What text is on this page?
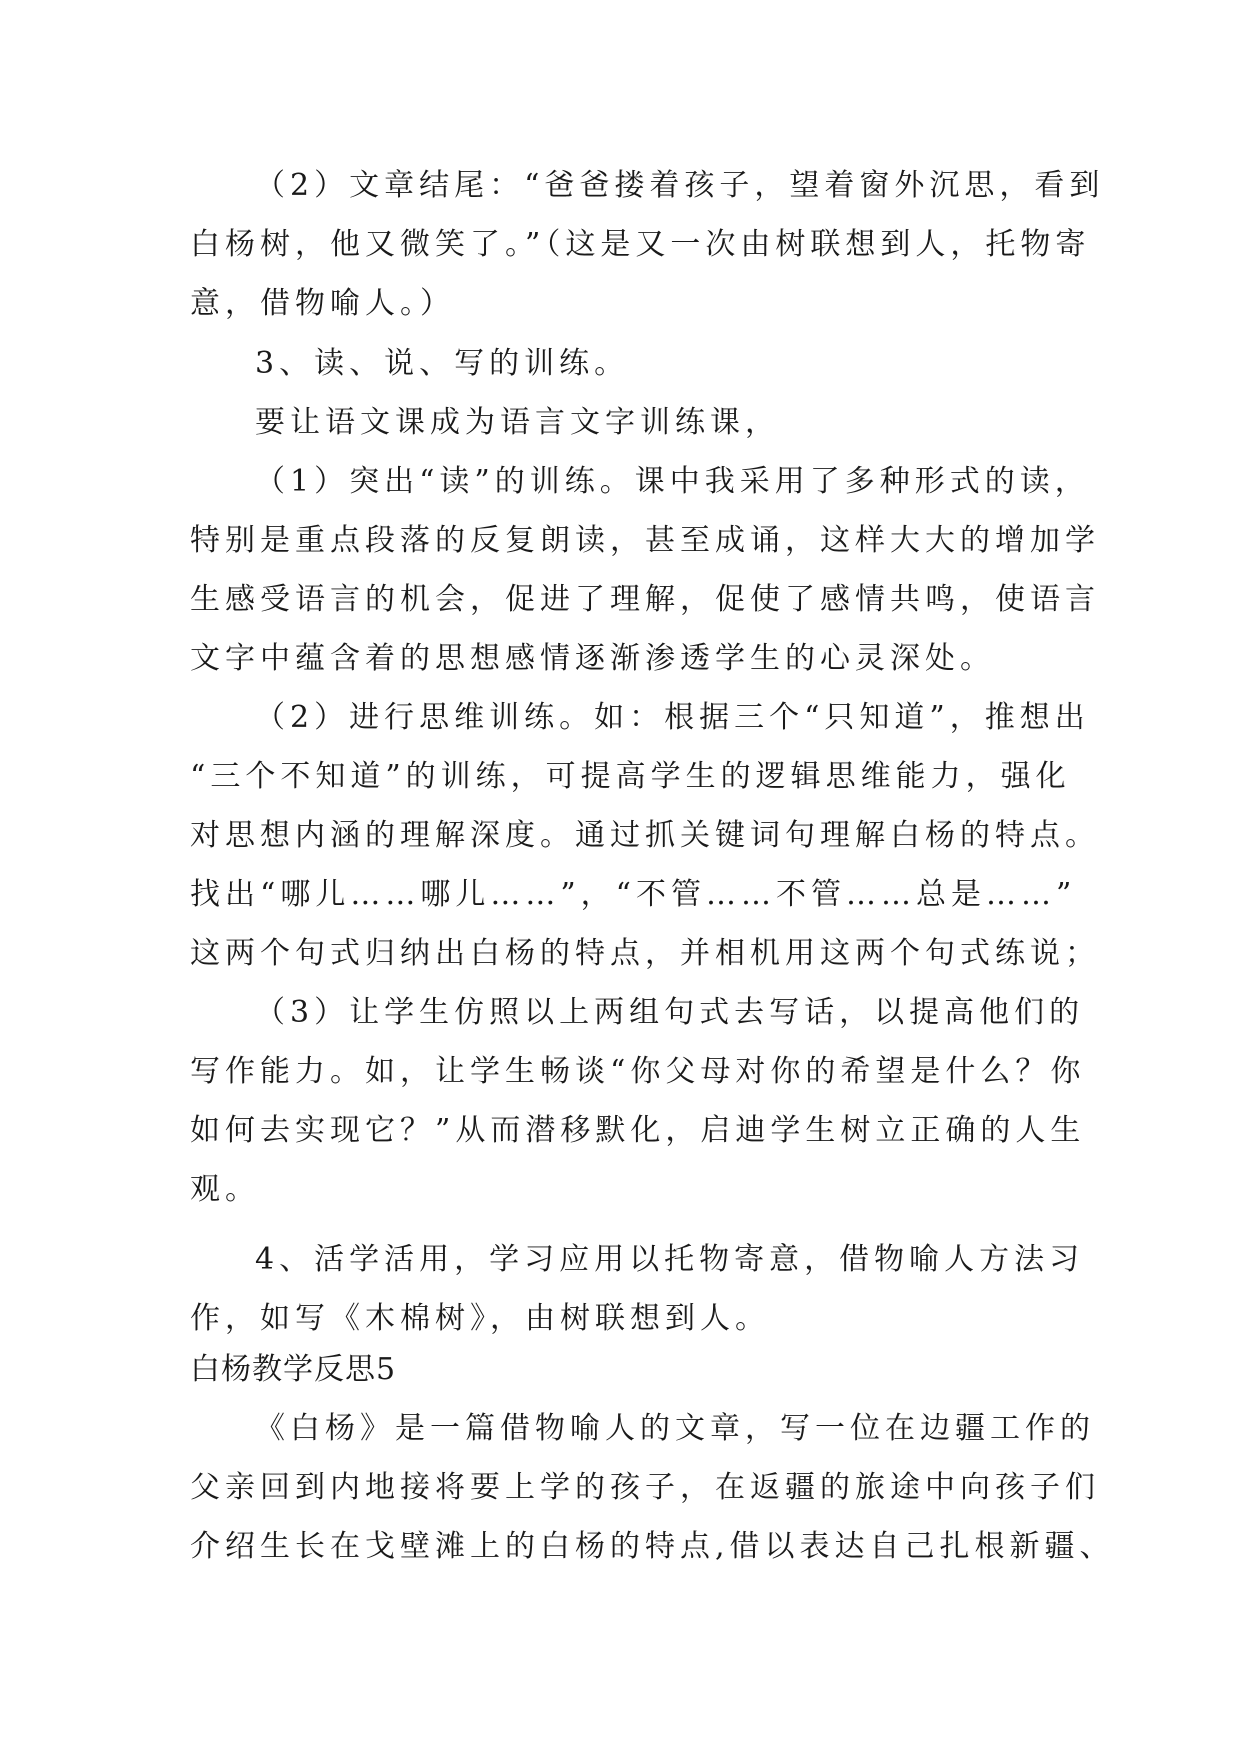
（2）文章结尾：“爸爸搂着孩子，望着窗外沉思，看到
白杨树，他又微笑了。”（这是又一次由树联想到人，托物寄
意，借物喻人。）
3、读、说、写的训练。
要让语文课成为语言文字训练课，
（1）突出“读”的训练。课中我采用了多种形式的读，
特别是重点段落的反复朗读，甚至成诵，这样大大的增加学
生感受语言的机会，促进了理解，促使了感情共鸣，使语言
文字中蕴含着的思想感情逐渐渗透学生的心灵深处。
（2）进行思维训练。如：根据三个“只知道”，推想出
“三个不知道”的训练，可提高学生的逻辑思维能力，强化
对思想内涵的理解深度。通过抓关键词句理解白杨的特点。
找出“哪儿……哪儿……”，“不管……不管……总是……”
这两个句式归纳出白杨的特点，并相机用这两个句式练说；
（3）让学生仿照以上两组句式去写话，以提高他们的
写作能力。如，让学生畅谈“你父母对你的希望是什么？你
如何去实现它？”从而潜移默化，启迪学生树立正确的人生
观。
4、活学活用，学习应用以托物寄意，借物喻人方法习
作，如写《木棉树》，由树联想到人。
白杨教学反思5
《白杨》是一篇借物喻人的文章，写一位在边疆工作的
父亲回到内地接将要上学的孩子，在返疆的旅途中向孩子们
介绍生长在戈壁滩上的白杨的特点,借以表达自己扎根新疆、
